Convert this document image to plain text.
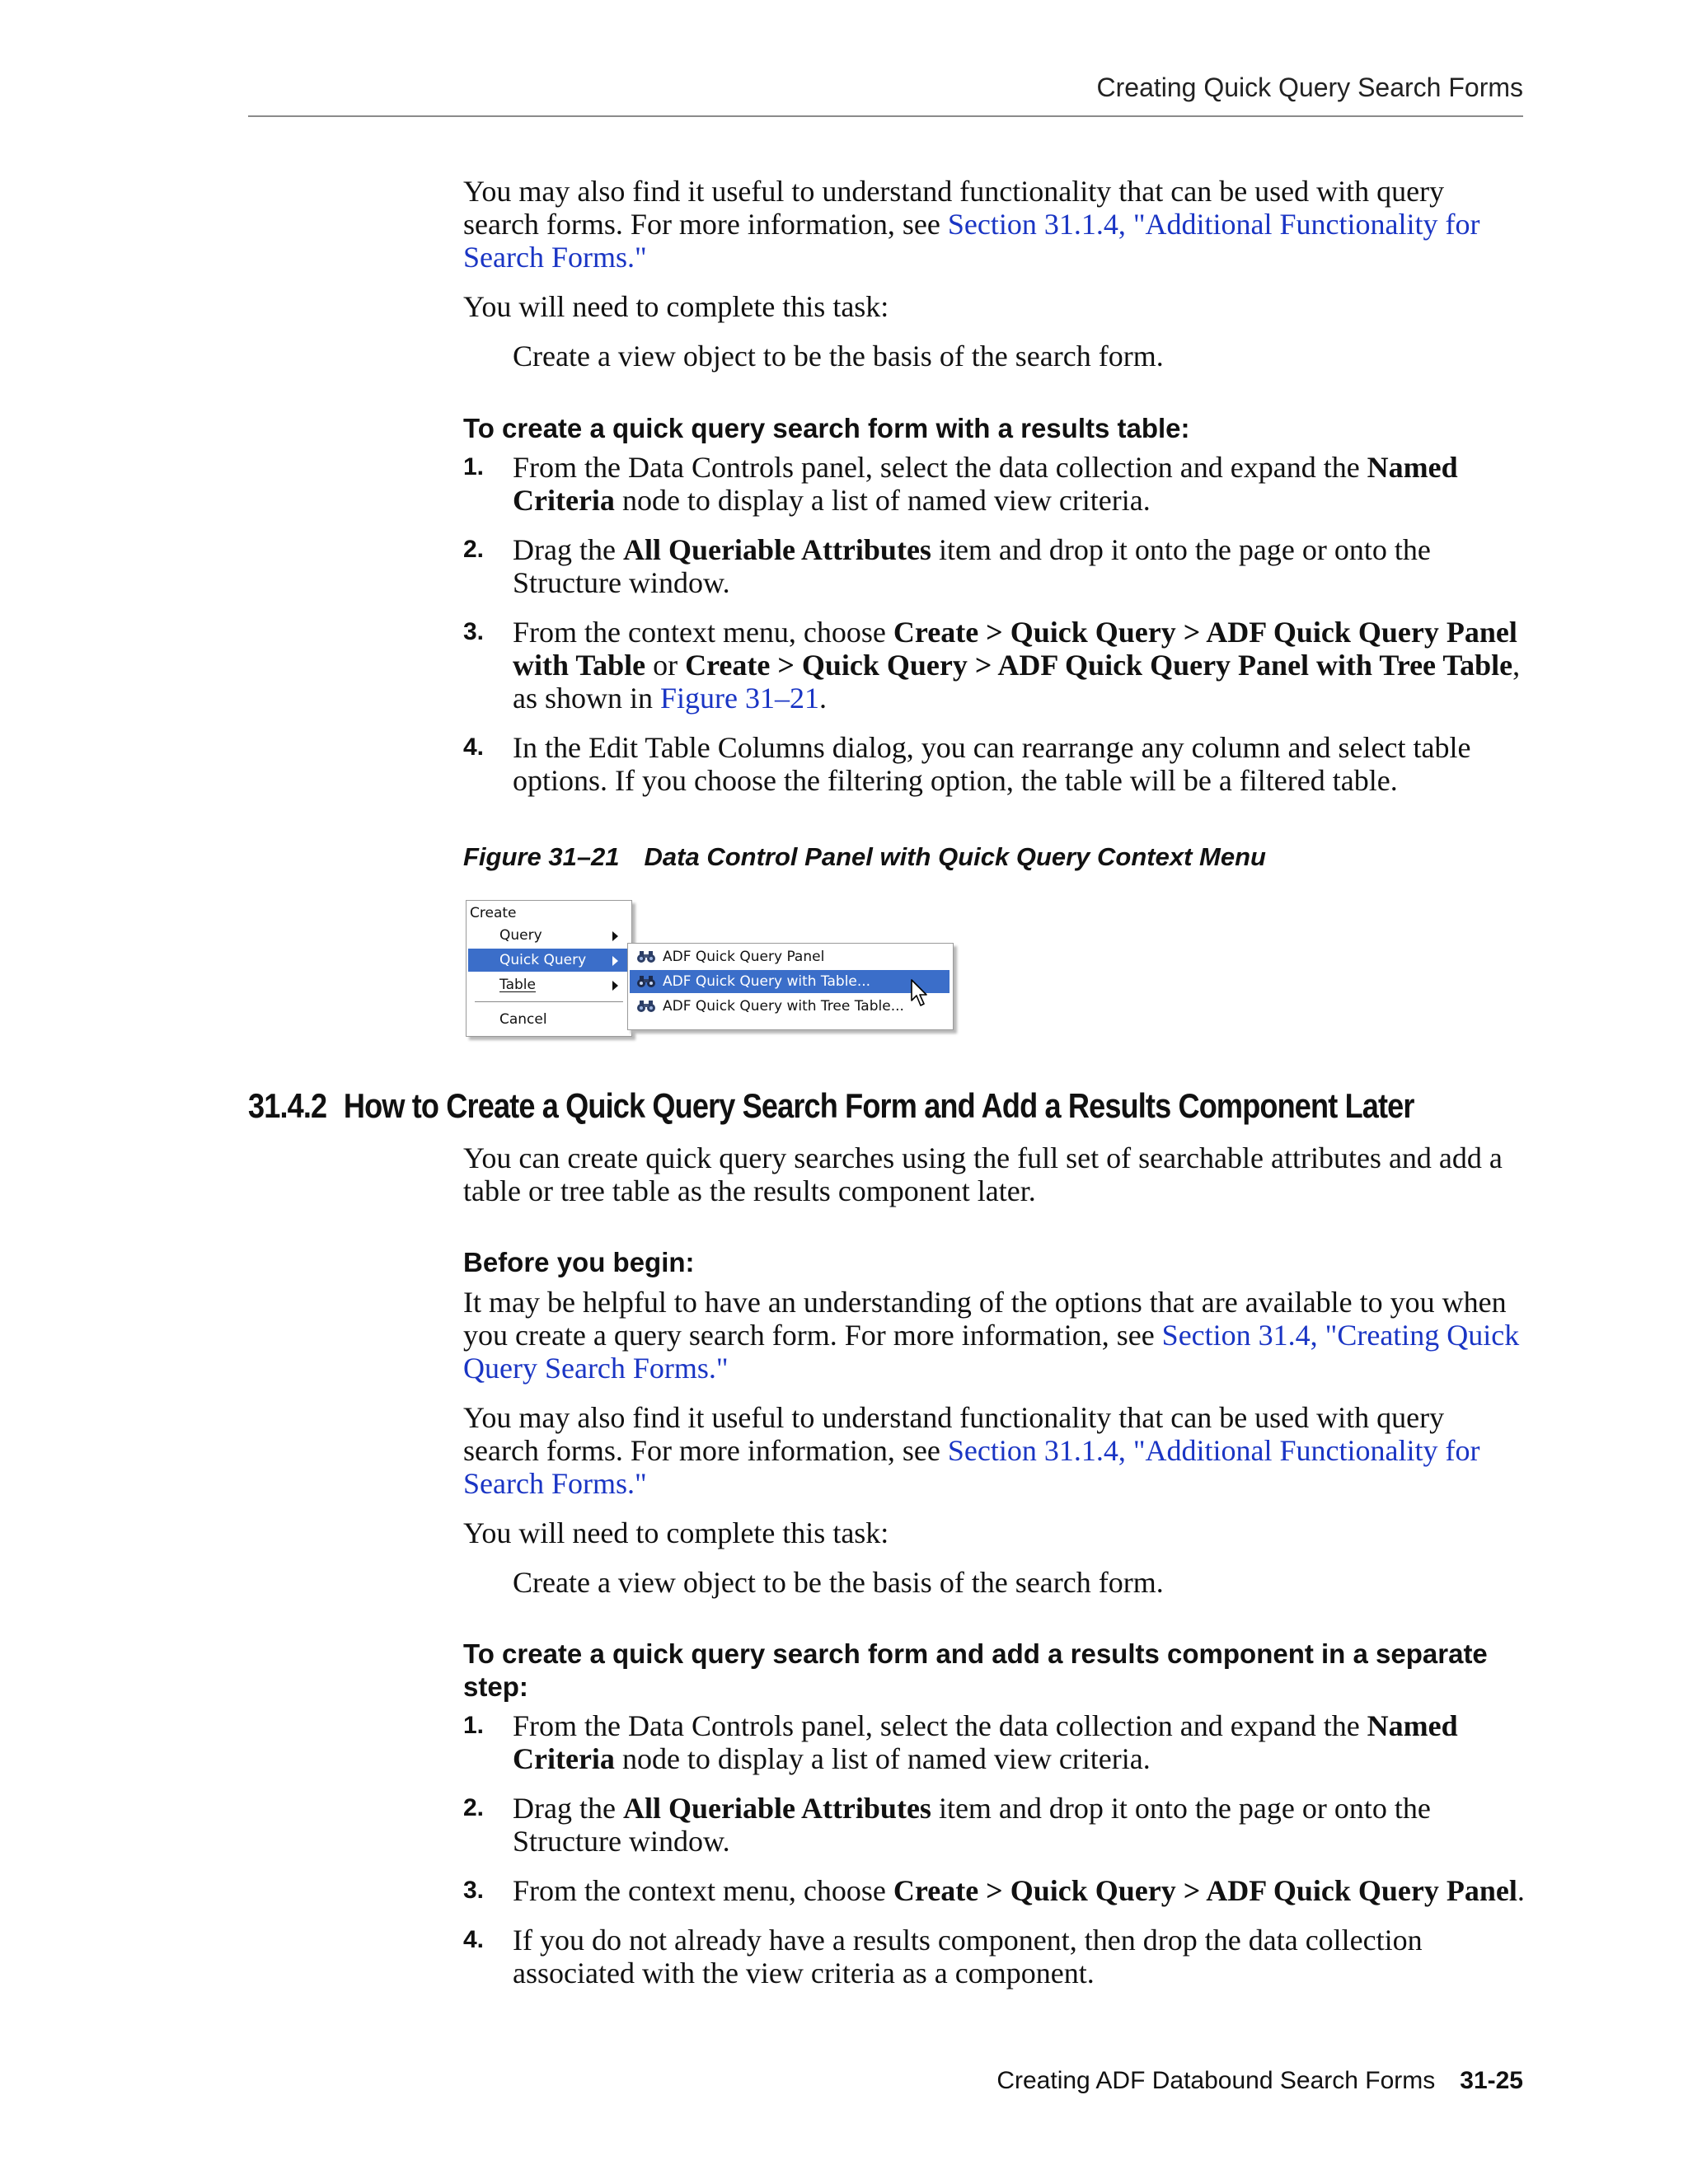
Creating Quick Query Search Forms
You may also find it useful to understand functionality that can be used with query search forms. For more information, see Section 31.1.4, "Additional Functionality for Search Forms."
You will need to complete this task:
Create a view object to be the basis of the search form.
To create a quick query search form with a results table:
1. From the Data Controls panel, select the data collection and expand the Named Criteria node to display a list of named view criteria.
2. Drag the All Queriable Attributes item and drop it onto the page or onto the Structure window.
3. From the context menu, choose Create > Quick Query > ADF Quick Query Panel with Table or Create > Quick Query > ADF Quick Query Panel with Tree Table, as shown in Figure 31–21.
4. In the Edit Table Columns dialog, you can rearrange any column and select table options. If you choose the filtering option, the table will be a filtered table.
Figure 31–21 Data Control Panel with Quick Query Context Menu
Create
Query
Quick Query
Table
Cancel
ADF Quick Query Panel
ADF Quick Query with Table...
ADF Quick Query with Tree Table...
31.4.2 How to Create a Quick Query Search Form and Add a Results Component Later
You can create quick query searches using the full set of searchable attributes and add a table or tree table as the results component later.
Before you begin:
It may be helpful to have an understanding of the options that are available to you when you create a query search form. For more information, see Section 31.4, "Creating Quick Query Search Forms."
You may also find it useful to understand functionality that can be used with query search forms. For more information, see Section 31.1.4, "Additional Functionality for Search Forms."
You will need to complete this task:
Create a view object to be the basis of the search form.
To create a quick query search form and add a results component in a separate step:
1. From the Data Controls panel, select the data collection and expand the Named Criteria node to display a list of named view criteria.
2. Drag the All Queriable Attributes item and drop it onto the page or onto the Structure window.
3. From the context menu, choose Create > Quick Query > ADF Quick Query Panel.
4. If you do not already have a results component, then drop the data collection associated with the view criteria as a component.
Creating ADF Databound Search Forms 31-25
